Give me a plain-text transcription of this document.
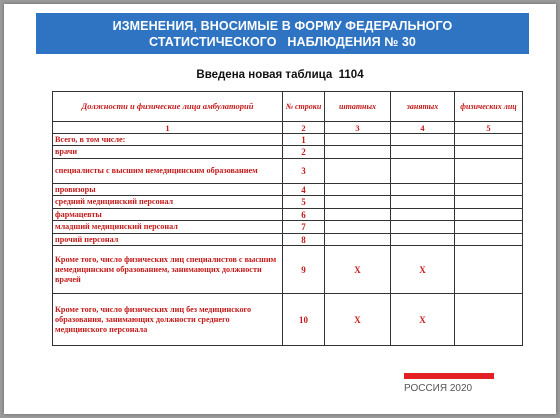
ИЗМЕНЕНИЯ, ВНОСИМЫЕ В ФОРМУ ФЕДЕРАЛЬНОГО
СТАТИСТИЧЕСКОГО   НАБЛЮДЕНИЯ № 30
Введена новая таблица  1104
Должности и физические лица амбулаторий	№ строки	штатных	занятых	физических лиц
1	2	3	4	5
Всего, в том числе:	1			
врачи	2			
специалисты с высшим немедицинским образованием	3			
провизоры	4			
средний медицинский персонал	5			
фармацевты	6			
младший медицинский персонал	7			
прочий персонал	8			
Кроме того, число физических лиц специалистов с высшим немедицинским образованием, занимающих должности врачей	9	X	X	
Кроме того, число физических лиц без медицинского образования, занимающих должности среднего медицинского персонала	10	X	X	
РОССИЯ 2020
